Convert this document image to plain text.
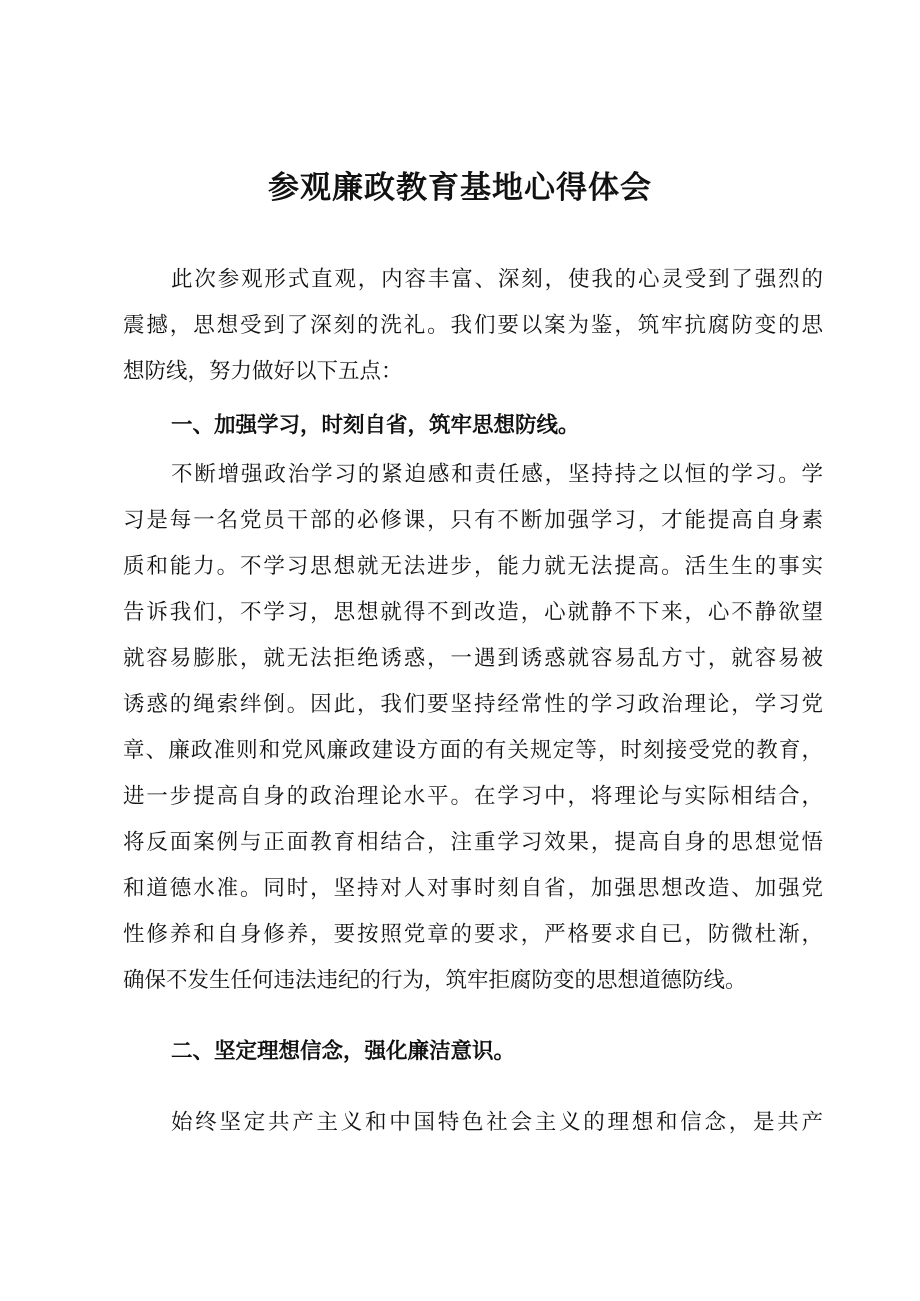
参观廉政教育基地心得体会
此次参观形式直观，内容丰富、深刻，使我的心灵受到了强烈的
震撼，思想受到了深刻的洗礼。我们要以案为鉴，筑牢抗腐防变的思
想防线，努力做好以下五点：
一、加强学习，时刻自省，筑牢思想防线。
不断增强政治学习的紧迫感和责任感，坚持持之以恒的学习。学
习是每一名党员干部的必修课，只有不断加强学习，才能提高自身素
质和能力。不学习思想就无法进步，能力就无法提高。活生生的事实
告诉我们，不学习，思想就得不到改造，心就静不下来，心不静欲望
就容易膨胀，就无法拒绝诱惑，一遇到诱惑就容易乱方寸，就容易被
诱惑的绳索绊倒。因此，我们要坚持经常性的学习政治理论，学习党
章、廉政准则和党风廉政建设方面的有关规定等，时刻接受党的教育，
进一步提高自身的政治理论水平。在学习中，将理论与实际相结合，
将反面案例与正面教育相结合，注重学习效果，提高自身的思想觉悟
和道德水准。同时，坚持对人对事时刻自省，加强思想改造、加强党
性修养和自身修养，要按照党章的要求，严格要求自已，防微杜渐，
确保不发生任何违法违纪的行为，筑牢拒腐防变的思想道德防线。
二、坚定理想信念，强化廉洁意识。
始终坚定共产主义和中国特色社会主义的理想和信念，是共产
